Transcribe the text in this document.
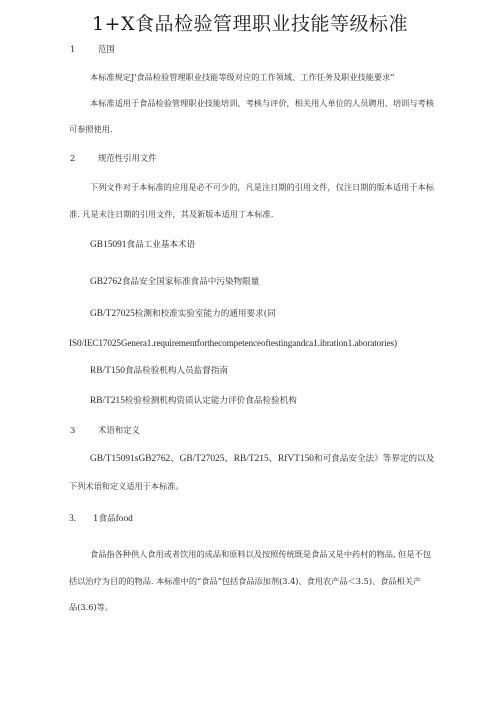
1+X食品检验管理职业技能等级标准
1	范围
本标准规定J'食品检验管理职业技能等级对应的工作领域、工作任务及职业技能要求“
本标准适用于食品检验管理职业技能培训、考核与评价，相关用人单位的人员聘用、培训与考核
可参照使用.
2	规范性引用文件
下列文件对于本标准的应用是必不可少的，凡是注日期的引用文件，仅注日期的版本适用于本标
准. 凡是未注日期的引用文件，其及新版本适用丁本标准.
GB15091食品工业基本术语
GB2762食品安全国家标准食品中污染物限量
GB/T27025检测和校准实验室能力的通用要求(同
IS0/IEC17025Genera1.requirementforthecompetenceoftestingandca1.ibration1.aboratories)
RB/T150食品检验机构人员监督指南
RB/T215检验检测机构资质认定能力评价食品检验机构
3	术语和定义
GB/T15091sGB2762、GB/T27025、RB/T215、RfVT150和可食品安全法》等界定的以及
下列术语和定义适用于本标准。
3. 1食品food
食品指各种供人食用或者饮用的成品和原料以及按照传统既是食品又是中药村的物品, 但是不包
括以治疗为目的的物品. 本标准中的“食品”包括食品添加剂(3.4)、食用农产品＜3.5)、食品相关产
品(3.6)等。
